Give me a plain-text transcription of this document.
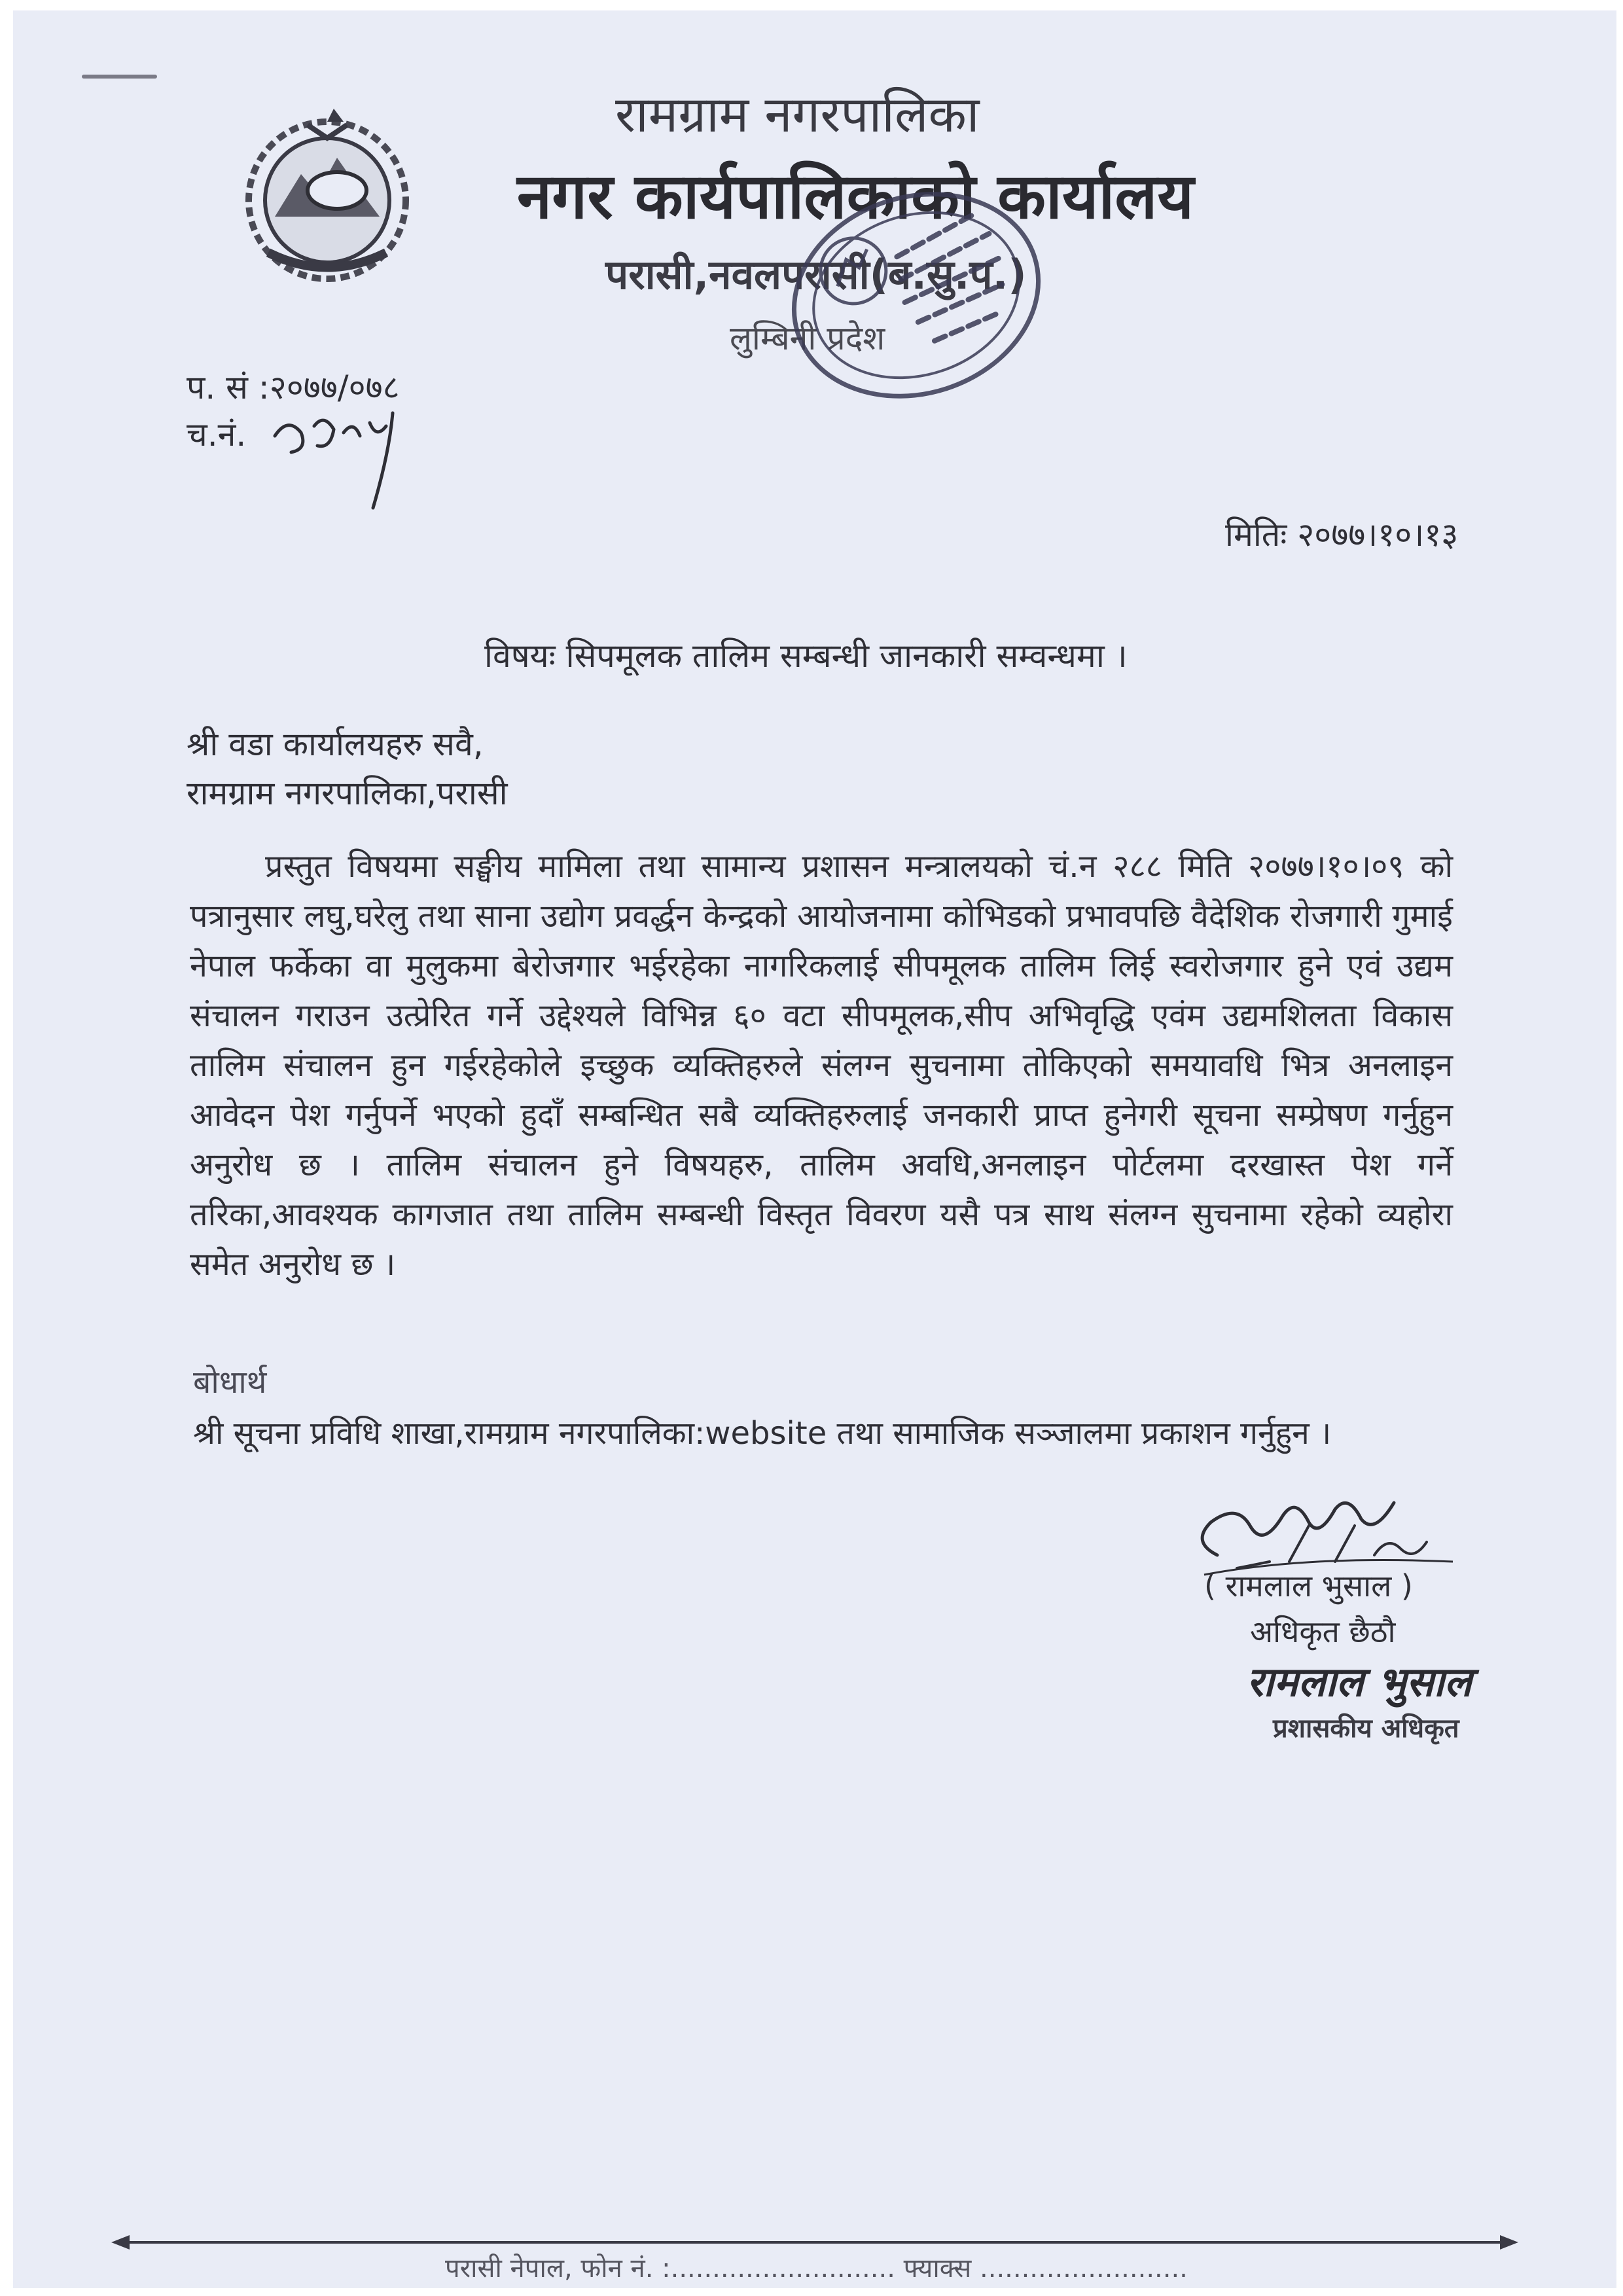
रामग्राम नगरपालिका
नगर कार्यपालिकाको कार्यालय
परासी,नवलपरासी(ब.सु.प.)
लुम्बिनी प्रदेश
प. सं :२०७७/०७८
च.नं.
मितिः २०७७।१०।१३
विषयः सिपमूलक तालिम सम्बन्धी जानकारी सम्वन्धमा ।
श्री वडा कार्यालयहरु सवै,
रामग्राम नगरपालिका,परासी
प्रस्तुत विषयमा सङ्घीय मामिला तथा सामान्य प्रशासन मन्त्रालयको चं.न २८८ मिति २०७७।१०।०९ को पत्रानुसार लघु,घरेलु तथा साना उद्योग प्रवर्द्धन केन्द्रको आयोजनामा कोभिडको प्रभावपछि वैदेशिक रोजगारी गुमाई नेपाल फर्केका वा मुलुकमा बेरोजगार भईरहेका नागरिकलाई सीपमूलक तालिम लिई स्वरोजगार हुने एवं उद्यम संचालन गराउन उत्प्रेरित गर्ने उद्देश्यले विभिन्न ६० वटा सीपमूलक,सीप अभिवृद्धि एवंम उद्यमशिलता विकास तालिम संचालन हुन गईरहेकोले इच्छुक व्यक्तिहरुले संलग्न सुचनामा तोकिएको समयावधि भित्र अनलाइन आवेदन पेश गर्नुपर्ने भएको हुदाँ सम्बन्धित सबै व्यक्तिहरुलाई जनकारी प्राप्त हुनेगरी सूचना सम्प्रेषण गर्नुहुन अनुरोध छ । तालिम संचालन हुने विषयहरु, तालिम अवधि,अनलाइन पोर्टलमा दरखास्त पेश गर्ने तरिका,आवश्यक कागजात तथा तालिम सम्बन्धी विस्तृत विवरण यसै पत्र साथ संलग्न सुचनामा रहेको व्यहोरा समेत अनुरोध छ ।
बोधार्थ
श्री सूचना प्रविधि शाखा,रामग्राम नगरपालिका:website तथा सामाजिक सञ्जालमा प्रकाशन गर्नुहुन ।
( रामलाल भुसाल )
अधिकृत छैठौ
रामलाल भुसाल
प्रशासकीय अधिकृत
परासी नेपाल, फोन नं. :........................... फ्याक्स .........................
